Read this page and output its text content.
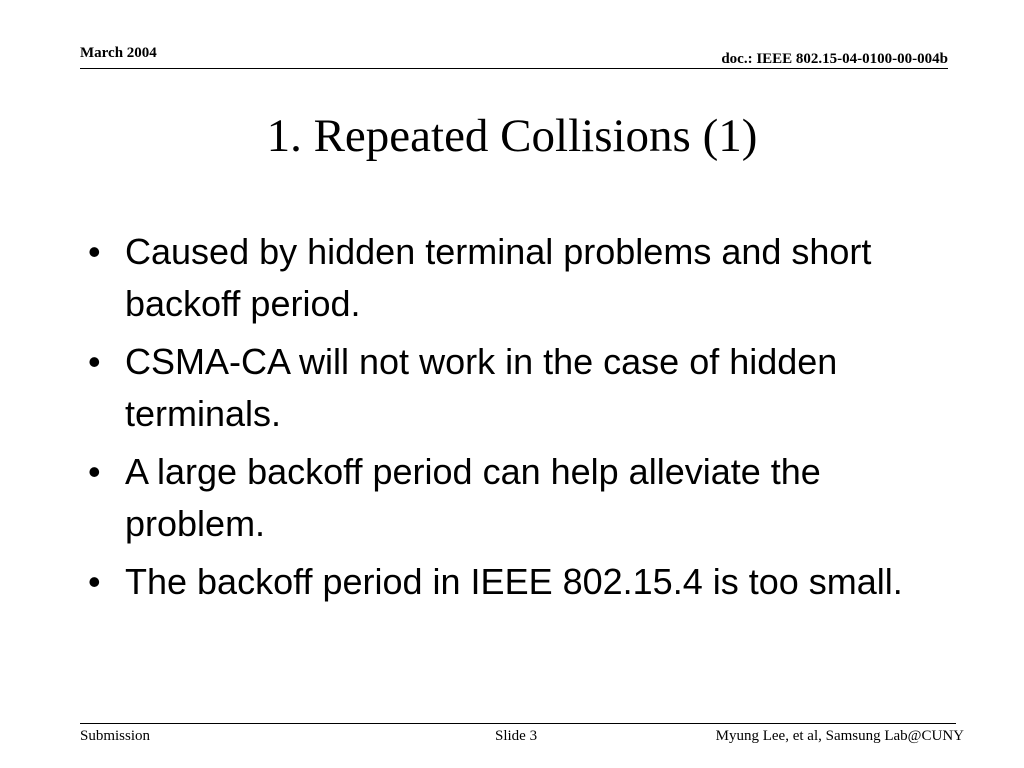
March 2004	doc.: IEEE 802.15-04-0100-00-004b
1. Repeated Collisions (1)
• Caused by hidden terminal problems and short backoff period.
• CSMA-CA will not work in the case of hidden terminals.
• A large backoff period can help alleviate the problem.
• The backoff period in IEEE 802.15.4 is too small.
Submission	Slide 3	Myung Lee, et al, Samsung Lab@CUNY
